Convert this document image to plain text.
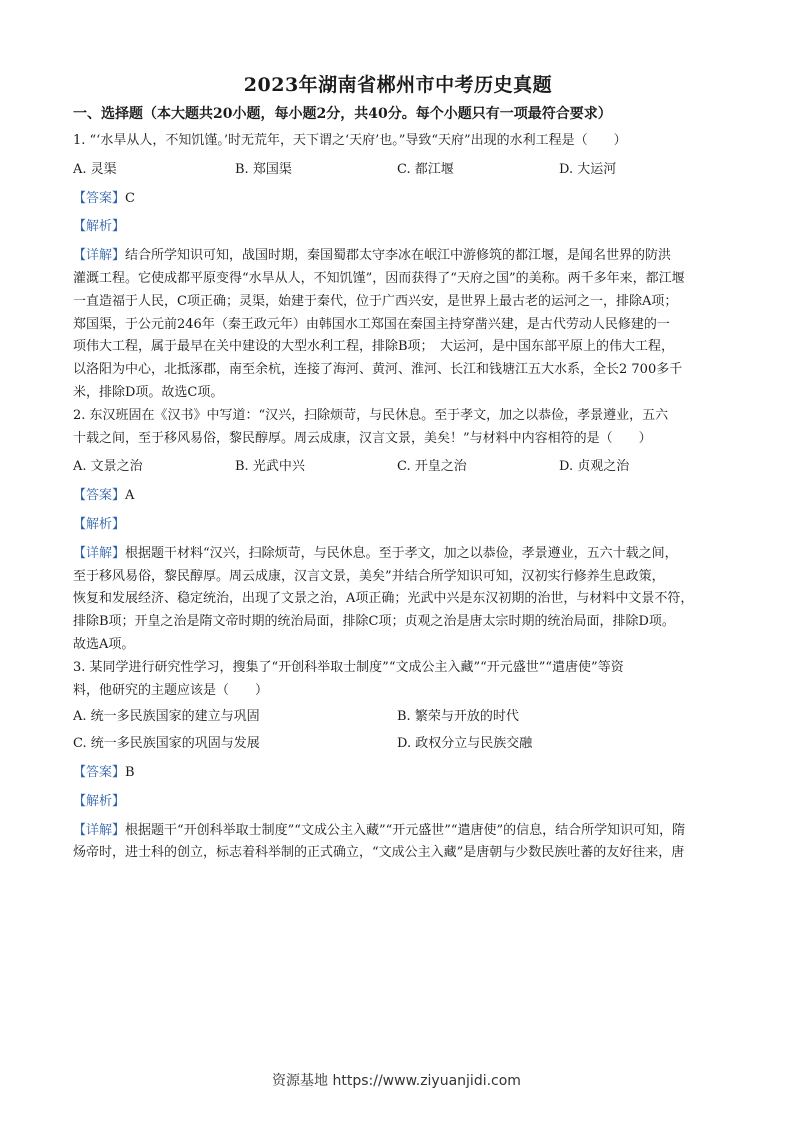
2023年湖南省郴州市中考历史真题
一、选择题（本大题共20小题，每小题2分，共40分。每个小题只有一项最符合要求）

1. “‘水旱从人，不知饥馑。’时无荒年，天下谓之‘天府’也。”导致“天府”出现的水利工程是（　　）

A. 灵渠	B. 郑国渠	C. 都江堰	D. 大运河
【答案】C
【解析】

【详解】结合所学知识可知，战国时期，秦国蜀郡太守李冰在岷江中游修筑的都江堰，是闻名世界的防洪

灌溉工程。它使成都平原变得“水旱从人，不知饥馑”，因而获得了“天府之国”的美称。两千多年来，都江堰

一直造福于人民，C项正确；灵渠，始建于秦代，位于广西兴安，是世界上最古老的运河之一，排除A项；

郑国渠，于公元前246年（秦王政元年）由韩国水工郑国在秦国主持穿凿兴建，是古代劳动人民修建的一

项伟大工程，属于最早在关中建设的大型水利工程，排除B项；　大运河，是中国东部平原上的伟大工程，

以洛阳为中心，北抵涿郡，南至余杭，连接了海河、黄河、淮河、长江和钱塘江五大水系，全长2 700多千

米，排除D项。故选C项。

2. 东汉班固在《汉书》中写道：“汉兴，扫除烦苛，与民休息。至于孝文，加之以恭俭，孝景遵业，五六

十载之间，至于移风易俗，黎民醇厚。周云成康，汉言文景，美矣！”与材料中内容相符的是（　　）

A. 文景之治	B. 光武中兴	C. 开皇之治	D. 贞观之治
【答案】A
【解析】

【详解】根据题干材料“汉兴，扫除烦苛，与民休息。至于孝文，加之以恭俭，孝景遵业，五六十载之间，

至于移风易俗，黎民醇厚。周云成康，汉言文景，美矣”并结合所学知识可知，汉初实行修养生息政策，

恢复和发展经济、稳定统治，出现了文景之治，A项正确；光武中兴是东汉初期的治世，与材料中文景不符，

排除B项；开皇之治是隋文帝时期的统治局面，排除C项；贞观之治是唐太宗时期的统治局面，排除D项。

故选A项。

3. 某同学进行研究性学习，搜集了“开创科举取士制度”“文成公主入藏”“开元盛世”“遣唐使”等资

料，他研究的主题应该是（　　）

A. 统一多民族国家的建立与巩固	B. 繁荣与开放的时代
C. 统一多民族国家的巩固与发展	D. 政权分立与民族交融
【答案】B
【解析】

【详解】根据题干“开创科举取士制度”“文成公主入藏”“开元盛世”“遣唐使”的信息，结合所学知识可知，隋

炀帝时，进士科的创立，标志着科举制的正式确立，“文成公主入藏”是唐朝与少数民族吐蕃的友好往来，唐

资源基地 https://www.ziyuanjidi.com
